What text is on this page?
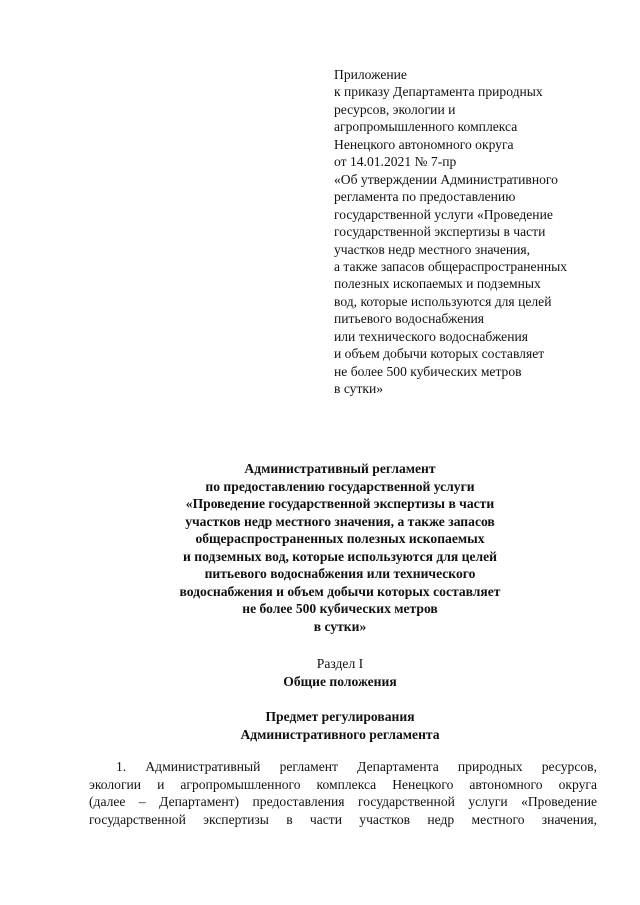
Приложение
к приказу Департамента природных
ресурсов, экологии и
агропромышленного комплекса
Ненецкого автономного округа
от 14.01.2021 № 7-пр
«Об утверждении Административного
регламента по предоставлению
государственной услуги «Проведение
государственной экспертизы в части
участков недр местного значения,
а также запасов общераспространенных
полезных ископаемых и подземных
вод, которые используются для целей
питьевого водоснабжения
или технического водоснабжения
и объем добычи которых составляет
не более 500 кубических метров
в сутки»
Административный регламент
по предоставлению государственной услуги
«Проведение государственной экспертизы в части
участков недр местного значения, а также запасов
общераспространенных полезных ископаемых
и подземных вод, которые используются для целей
питьевого водоснабжения или технического
водоснабжения и объем добычи которых составляет
не более 500 кубических метров
в сутки»
Раздел I
Общие положения
Предмет регулирования
Административного регламента
1. Административный регламент Департамента природных ресурсов,
экологии и агропромышленного комплекса Ненецкого автономного округа
(далее – Департамент) предоставления государственной услуги «Проведение
государственной экспертизы в части участков недр местного значения,
